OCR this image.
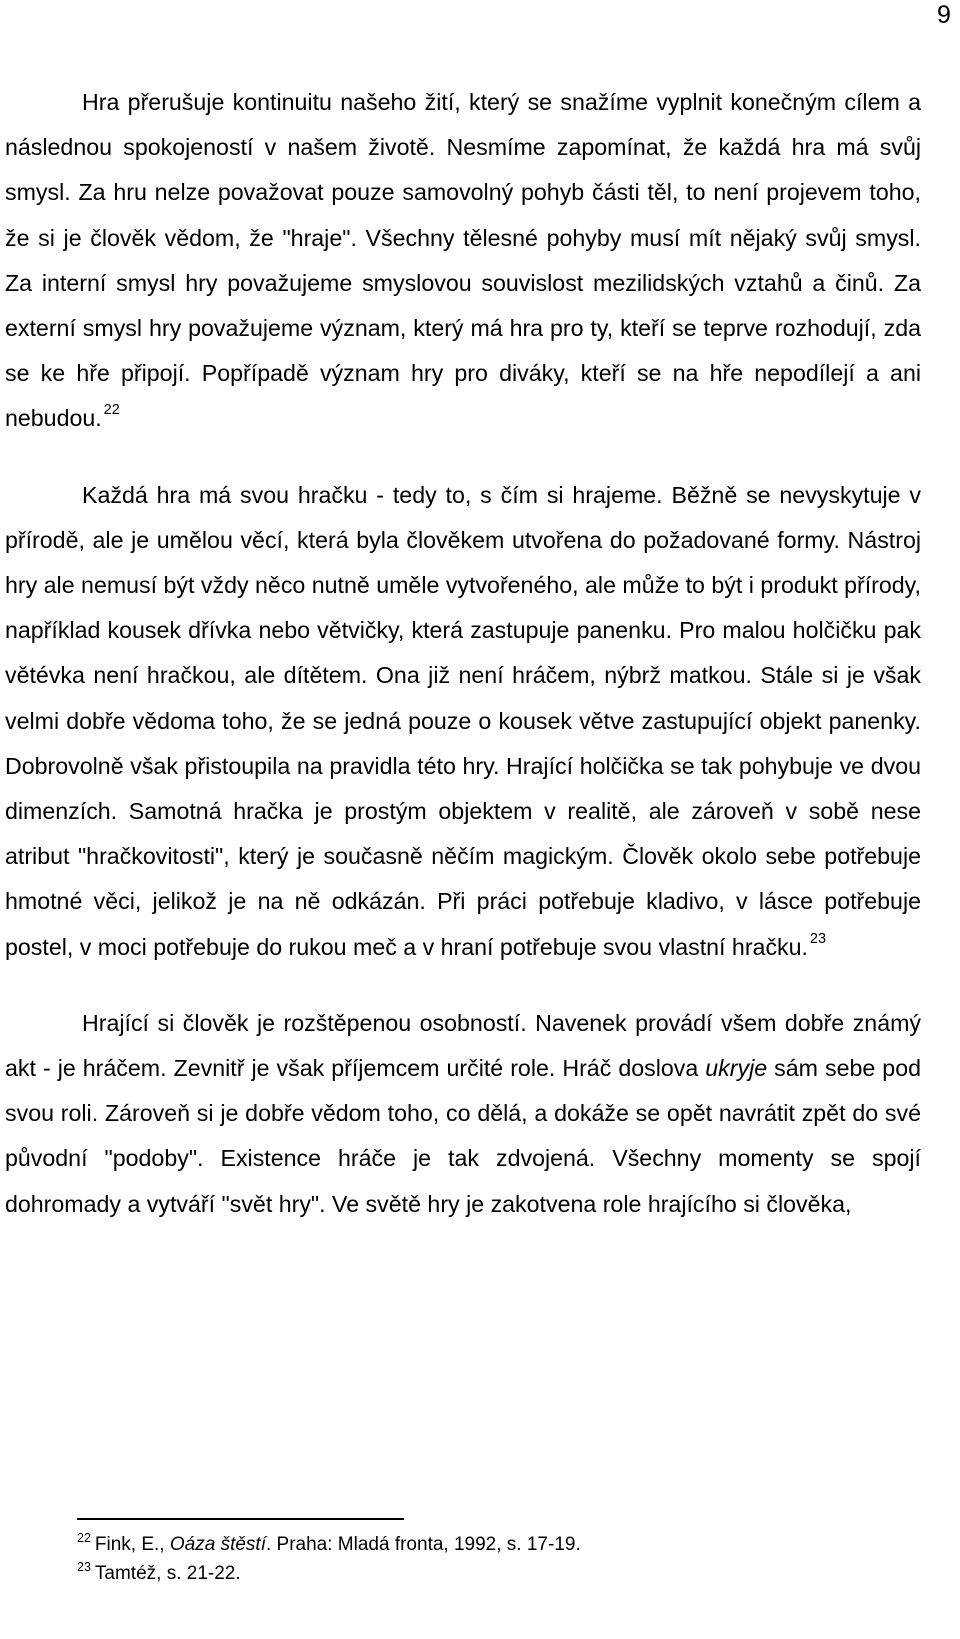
9

Hra přerušuje kontinuitu našeho žití, který se snažíme vyplnit konečným cílem a následnou spokojeností v našem životě. Nesmíme zapomínat, že každá hra má svůj smysl. Za hru nelze považovat pouze samovolný pohyb části těl, to není projevem toho, že si je člověk vědom, že "hraje". Všechny tělesné pohyby musí mít nějaký svůj smysl. Za interní smysl hry považujeme smyslovou souvislost mezilidských vztahů a činů. Za externí smysl hry považujeme význam, který má hra pro ty, kteří se teprve rozhodují, zda se ke hře připojí. Popřípadě význam hry pro diváky, kteří se na hře nepodílejí a ani nebudou.  $^{22}$

Každá hra má svou hračku - tedy to, s čím si hrajeme. Běžně se nevyskytuje v přírodě, ale je umělou věcí, která byla člověkem utvořena do požadované formy. Nástroj hry ale nemusí být vždy něco nutně uměle vytvořeného, ale může to být i produkt přírody, například kousek dřívka nebo větvičky, která zastupuje panenku. Pro malou holčičku pak větévka není hračkou, ale dítětem. Ona již není hráčem, nýbrž matkou. Stále si je však velmi dobře vědoma toho, že se jedná pouze o kousek větve zastupující objekt panenky. Dobrovolně však přistoupila na pravidla této hry. Hrající holčička se tak pohybuje ve dvou dimenzích. Samotná hračka je prostým objektem v realitě, ale zároveň v sobě nese atribut "hračkovitosti", který je současně něčím magickým. Člověk okolo sebe potřebuje hmotné věci, jelikož je na ně odkázán. Při práci potřebuje kladivo, v lásce potřebuje postel, v moci potřebuje do rukou meč a v hraní potřebuje svou vlastní hračku.  $^{23}$

Hrající si člověk je rozštěpenou osobností. Navenek provádí všem dobře známý akt - je hráčem. Zevnitř je však příjemcem určité role. Hráč doslova ukryje sám sebe pod svou roli. Zároveň si je dobře vědom toho, co dělá, a dokáže se opět navrátit zpět do své původní "podoby". Existence hráče je tak zdvojená. Všechny momenty se spojí dohromady a vytváří "svět hry". Ve světě hry je zakotvena role hrajícího si člověka,

$^{22}$ Fink, E., Oáza štěstí. Praha: Mladá fronta, 1992, s. 17-19.

$^{23}$ Tamtéž, s. 21-22.
